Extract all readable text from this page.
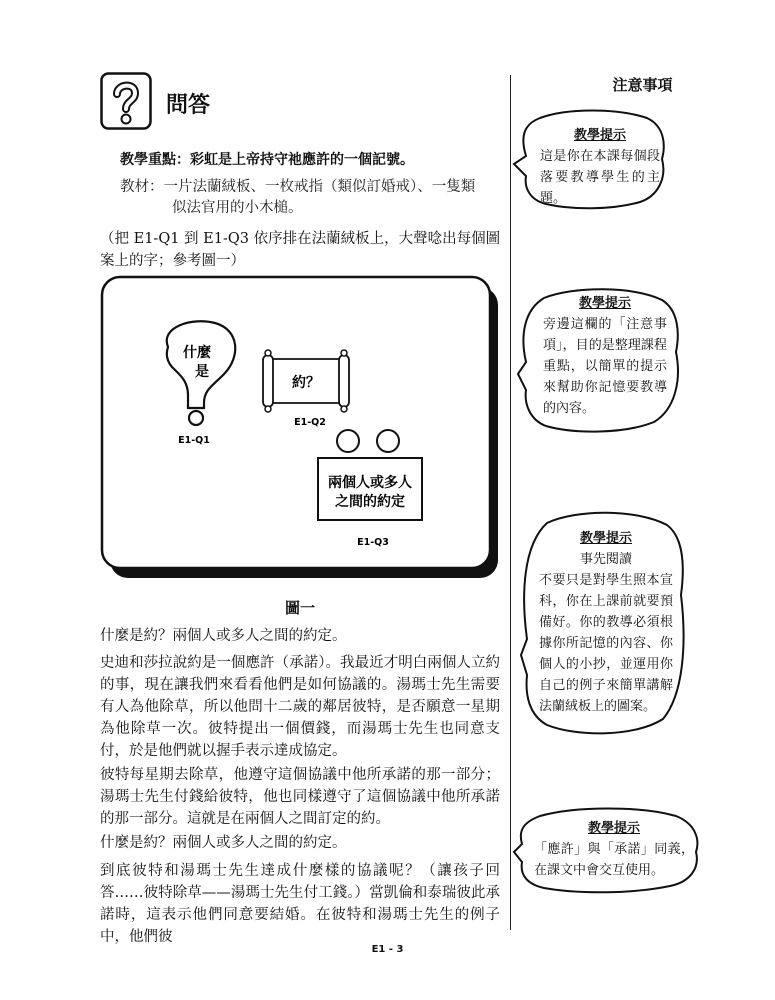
問答
教學重點：彩虹是上帝持守祂應許的一個記號。
教材：一片法蘭絨板、一枚戒指（類似訂婚戒）、一隻類
似法官用的小木槌。
（把 E1-Q1 到 E1-Q3 依序排在法蘭絨板上，大聲唸出每個圖案上的字；參考圖一）
什麼
是
E1-Q1
約？
E1-Q2
兩個人或多人
之間的約定
E1-Q3
圖一
什麼是約？兩個人或多人之間的約定。
史迪和莎拉說約是一個應許（承諾）。我最近才明白兩個人立約的事，現在讓我們來看看他們是如何協議的。湯瑪士先生需要有人為他除草，所以他問十二歲的鄰居彼特，是否願意一星期為他除草一次。彼特提出一個價錢，而湯瑪士先生也同意支付，於是他們就以握手表示達成協定。
彼特每星期去除草，他遵守這個協議中他所承諾的那一部分；湯瑪士先生付錢給彼特，他也同樣遵守了這個協議中他所承諾的那一部分。這就是在兩個人之間訂定的約。
什麼是約？兩個人或多人之間的約定。
到底彼特和湯瑪士先生達成什麼樣的協議呢？（讓孩子回答……彼特除草——湯瑪士先生付工錢。）當凱倫和泰瑞彼此承諾時，這表示他們同意要結婚。在彼特和湯瑪士先生的例子中，他們彼
注意事項
教學提示
這是你在本課每個段落要教導學生的主題。
教學提示
旁邊這欄的「注意事項」，目的是整理課程重點，以簡單的提示來幫助你記憶要教導的內容。
教學提示
事先閱讀
不要只是對學生照本宣科，你在上課前就要預備好。你的教導必須根據你所記憶的內容、你個人的小抄，並運用你自己的例子來簡單講解法蘭絨板上的圖案。
教學提示
「應許」與「承諾」同義，在課文中會交互使用。
E1 - 3
